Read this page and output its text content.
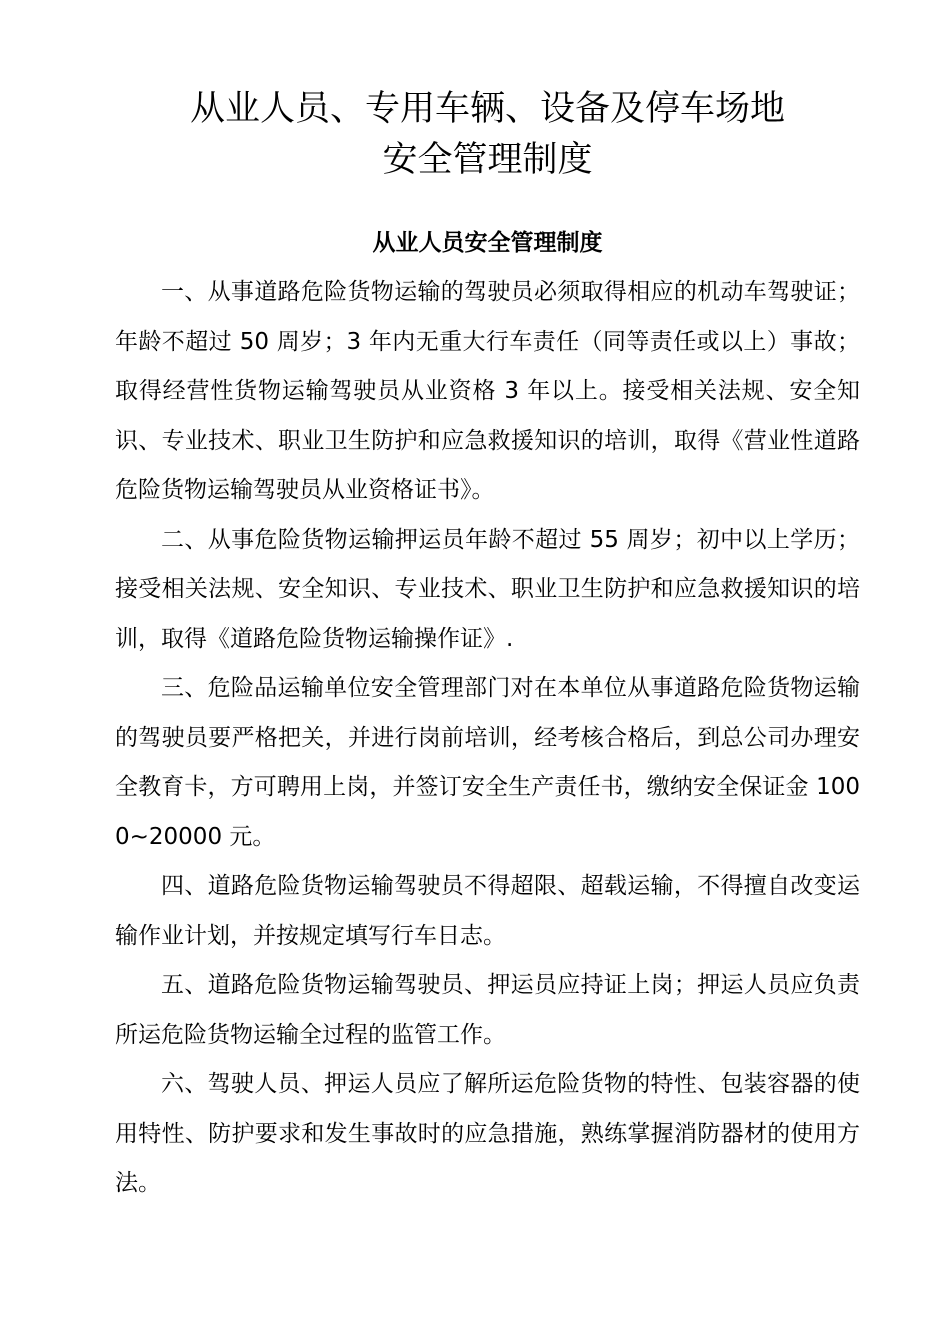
从业人员、专用车辆、设备及停车场地
安全管理制度
从业人员安全管理制度

一、从事道路危险货物运输的驾驶员必须取得相应的机动车驾驶证；年龄不超过 50 周岁；3 年内无重大行车责任（同等责任或以上）事故；取得经营性货物运输驾驶员从业资格 3 年以上。接受相关法规、安全知识、专业技术、职业卫生防护和应急救援知识的培训，取得《营业性道路危险货物运输驾驶员从业资格证书》。

二、从事危险货物运输押运员年龄不超过 55 周岁；初中以上学历；接受相关法规、安全知识、专业技术、职业卫生防护和应急救援知识的培训，取得《道路危险货物运输操作证》.

三、危险品运输单位安全管理部门对在本单位从事道路危险货物运输的驾驶员要严格把关，并进行岗前培训，经考核合格后，到总公司办理安全教育卡，方可聘用上岗，并签订安全生产责任书，缴纳安全保证金 1000~20000 元。

四、道路危险货物运输驾驶员不得超限、超载运输，不得擅自改变运输作业计划，并按规定填写行车日志。

五、道路危险货物运输驾驶员、押运员应持证上岗；押运人员应负责所运危险货物运输全过程的监管工作。

六、驾驶人员、押运人员应了解所运危险货物的特性、包装容器的使用特性、防护要求和发生事故时的应急措施，熟练掌握消防器材的使用方法。
